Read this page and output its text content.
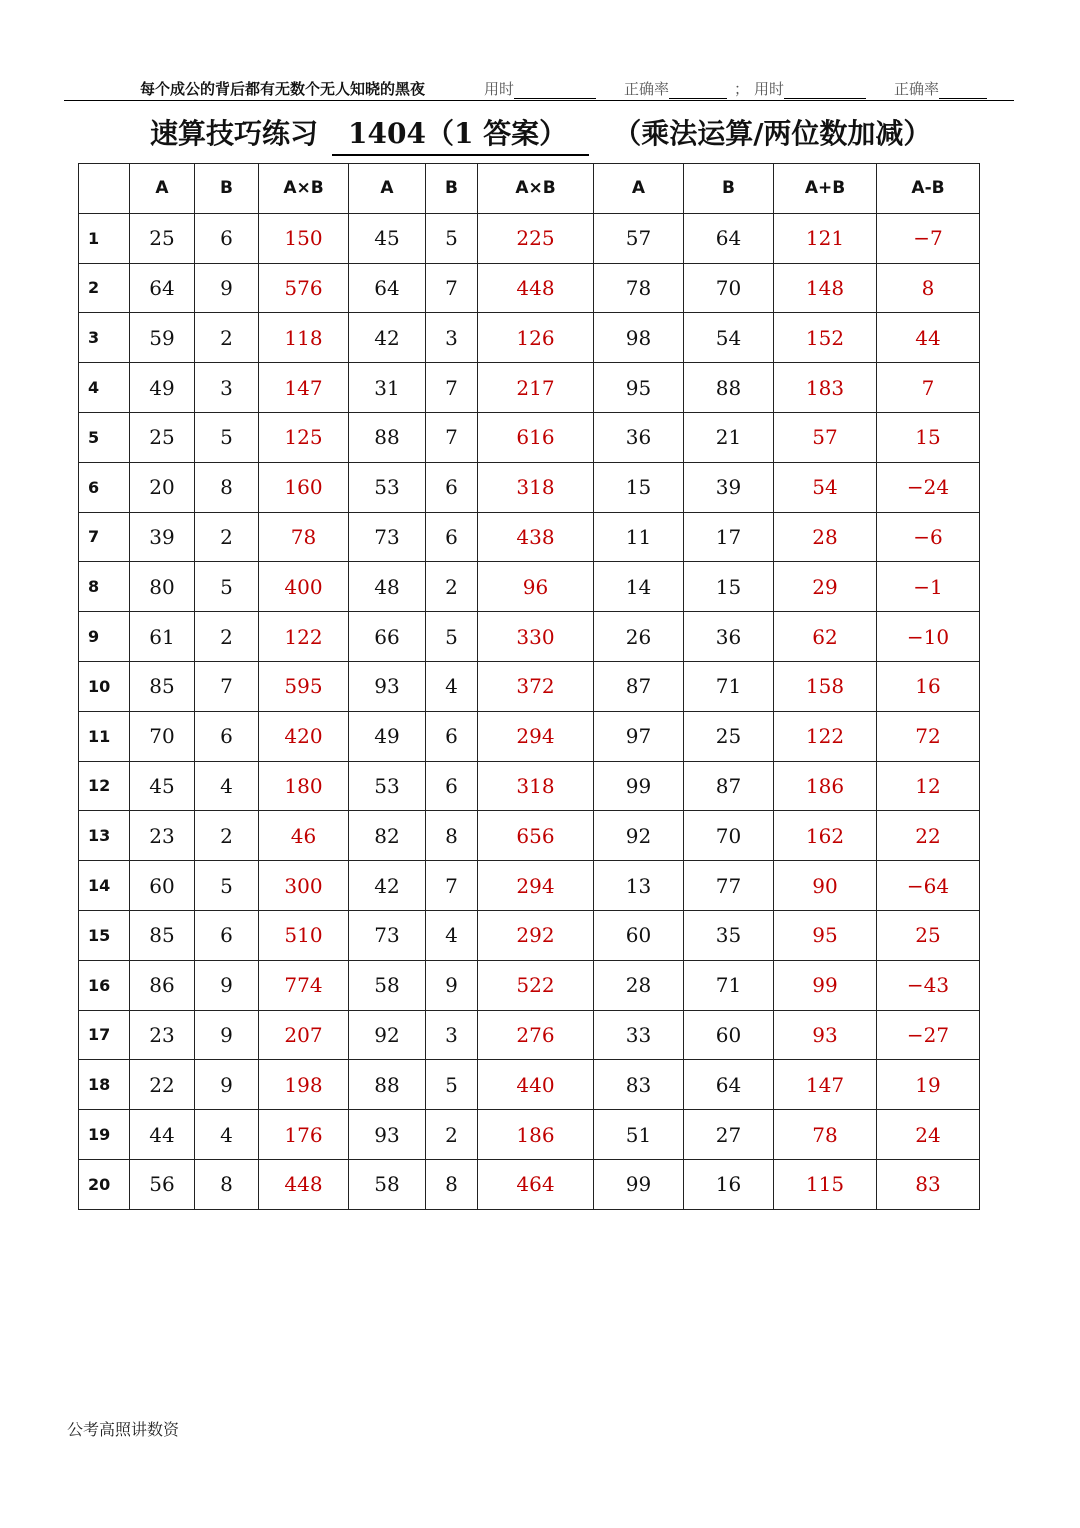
每个成公的背后都有无数个无人知晓的黑夜	用时	正确率	； 用时	正确率
速算技巧练习 1404（1 答案） （乘法运算/两位数加减）
	A	B	A×B	A	B	A×B	A	B	A+B	A-B
1	25	6	150	45	5	225	57	64	121	−7
2	64	9	576	64	7	448	78	70	148	8
3	59	2	118	42	3	126	98	54	152	44
4	49	3	147	31	7	217	95	88	183	7
5	25	5	125	88	7	616	36	21	57	15
6	20	8	160	53	6	318	15	39	54	−24
7	39	2	78	73	6	438	11	17	28	−6
8	80	5	400	48	2	96	14	15	29	−1
9	61	2	122	66	5	330	26	36	62	−10
10	85	7	595	93	4	372	87	71	158	16
11	70	6	420	49	6	294	97	25	122	72
12	45	4	180	53	6	318	99	87	186	12
13	23	2	46	82	8	656	92	70	162	22
14	60	5	300	42	7	294	13	77	90	−64
15	85	6	510	73	4	292	60	35	95	25
16	86	9	774	58	9	522	28	71	99	−43
17	23	9	207	92	3	276	33	60	93	−27
18	22	9	198	88	5	440	83	64	147	19
19	44	4	176	93	2	186	51	27	78	24
20	56	8	448	58	8	464	99	16	115	83
公考高照讲数资
